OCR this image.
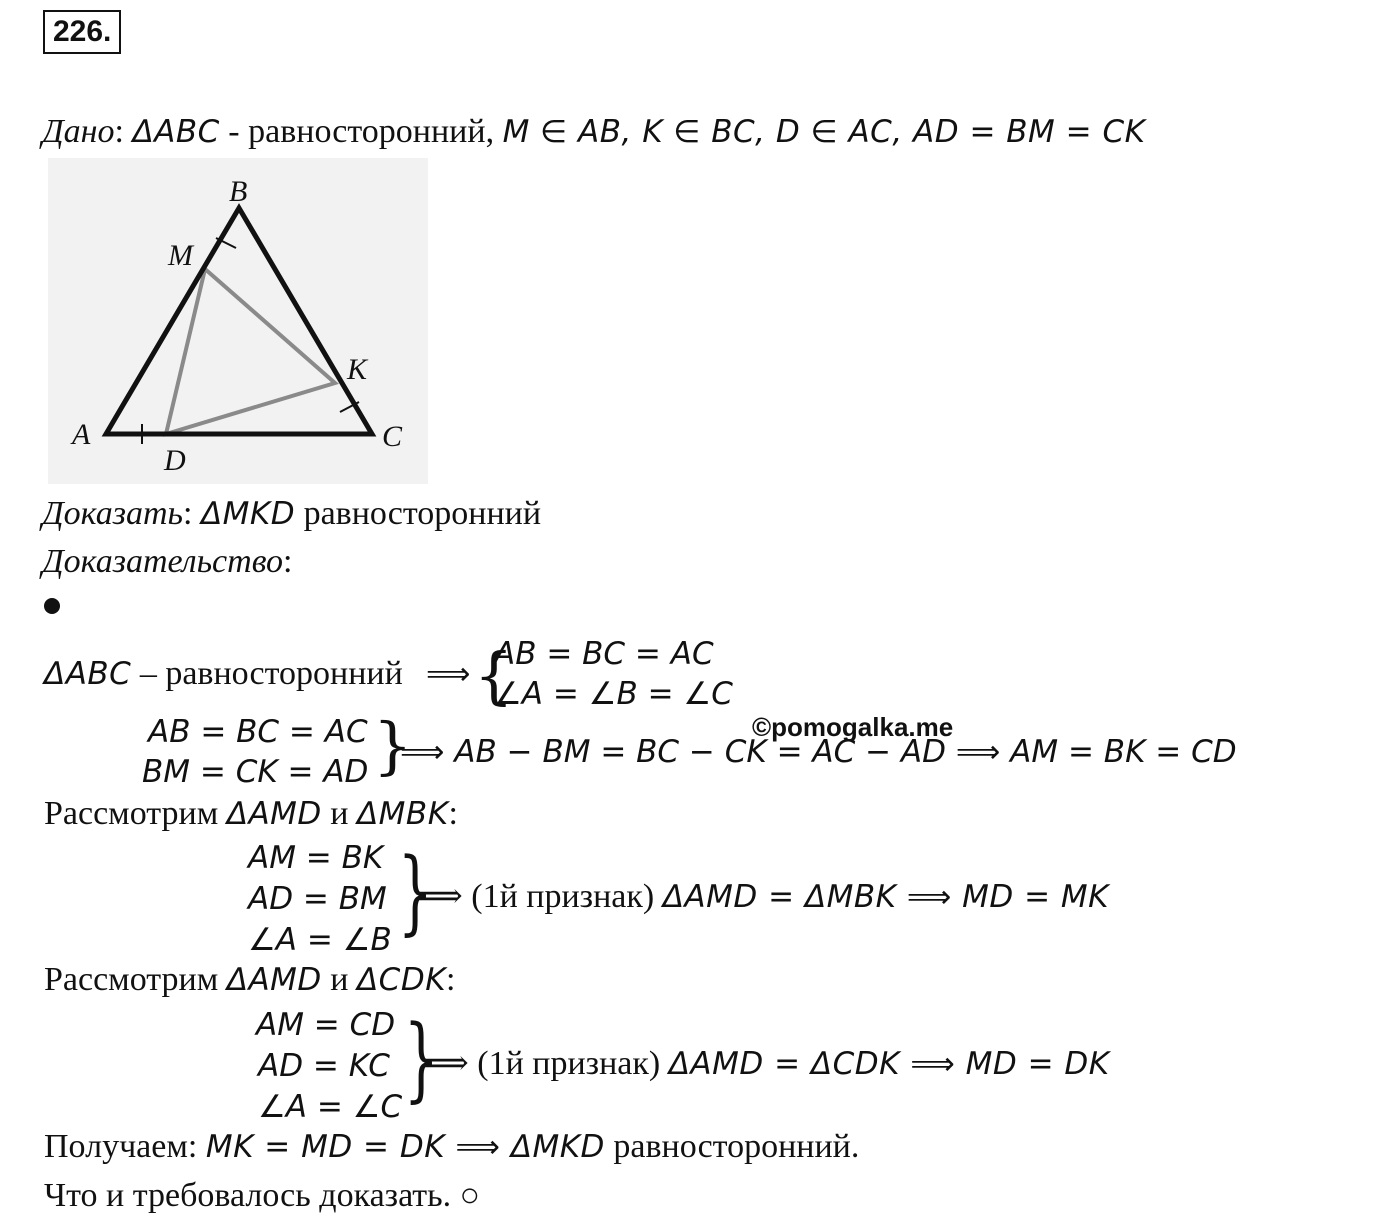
226.
Дано: ΔABC - равносторонний, M ∈ AB, K ∈ BC, D ∈ AC, AD = BM = CK
B
M
K
A	C
D
Доказать: ΔMKD равносторонний
Доказательство:
ΔABC – равносторонний ⟹ {
AB = BC = AC
∠A = ∠B = ∠C
AB = BC = AC
BM = CK = AD }
⟹ AB − BM = BC − CK = AC − AD ⟹ AM = BK = CD
©pomogalka.me
Рассмотрим ΔAMD и ΔMBK:
AM = BK
AD = BM
∠A = ∠B }
⟹ (1й признак) ΔAMD = ΔMBK ⟹ MD = MK
Рассмотрим ΔAMD и ΔCDK:
AM = CD
AD = KC
∠A = ∠C }
⟹ (1й признак) ΔAMD = ΔCDK ⟹ MD = DK
Получаем: MK = MD = DK ⟹ ΔMKD равносторонний.
Что и требовалось доказать. ○
